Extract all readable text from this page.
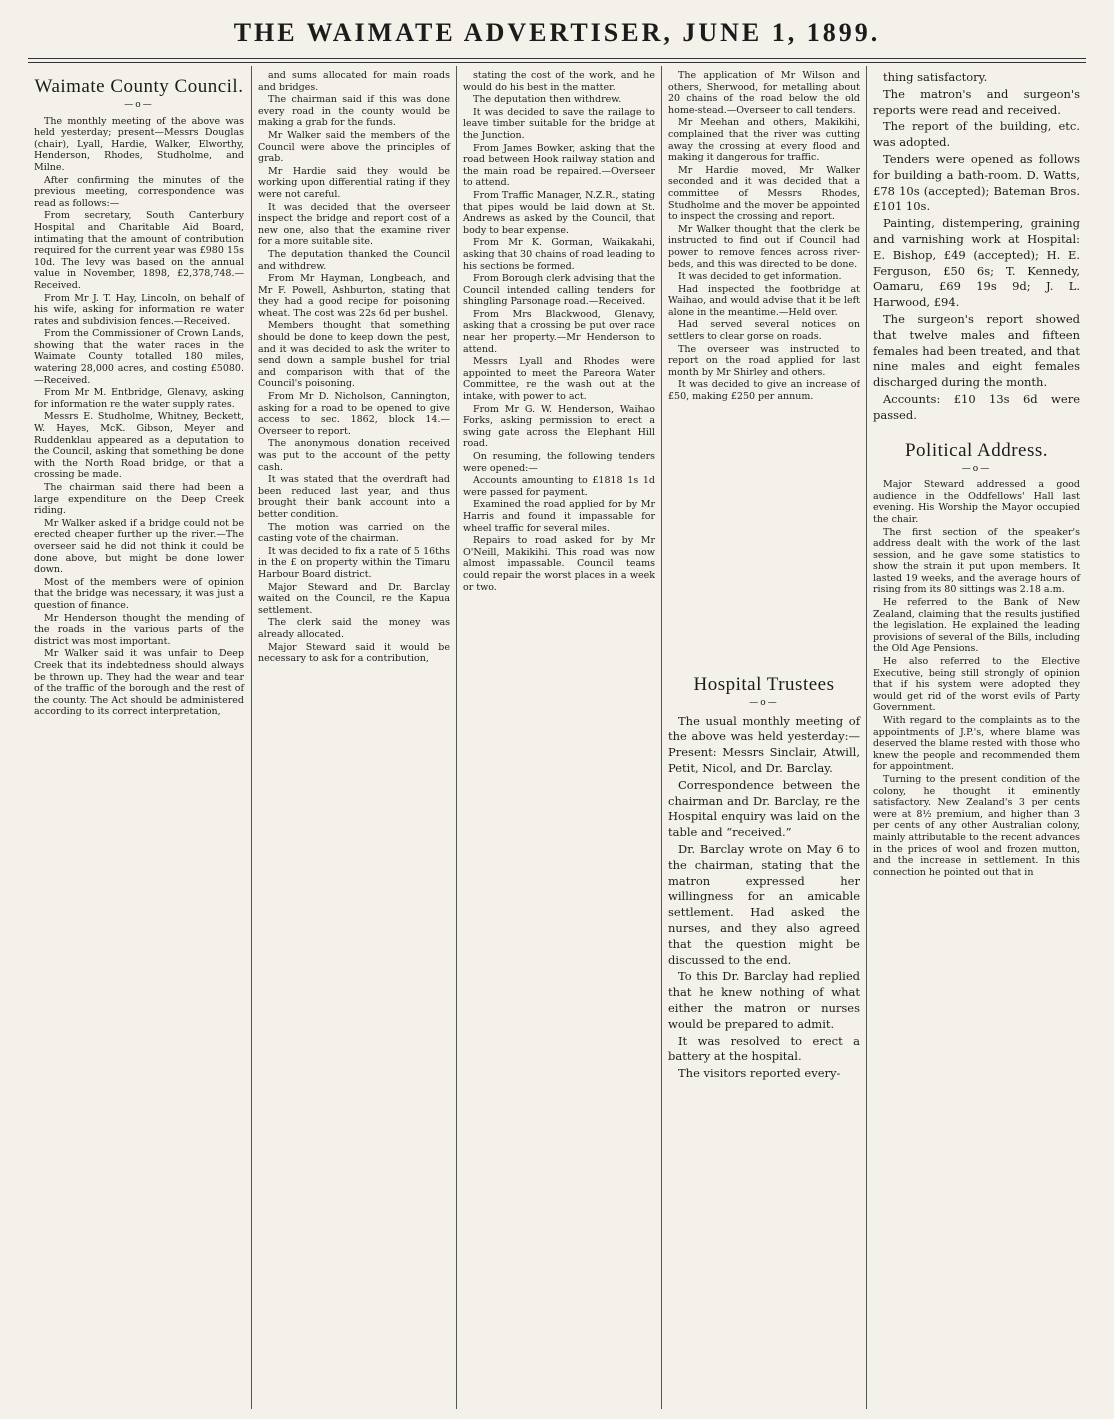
THE WAIMATE ADVERTISER, JUNE 1, 1899.
Waimate County Council.
—o—

The monthly meeting of the above was held yesterday; present—Messrs Douglas (chair), Lyall, Hardie, Walker, Elworthy, Henderson, Rhodes, Studholme, and Milne.

After confirming the minutes of the previous meeting, correspondence was read as follows:—

From secretary, South Canterbury Hospital and Charitable Aid Board, intimating that the amount of contribution required for the current year was £980 15s 10d. The levy was based on the annual value in November, 1898, £2,378,748.—Received.

From Mr J. T. Hay, Lincoln, on behalf of his wife, asking for information re water rates and subdivision fences.—Received.

From the Commissioner of Crown Lands, showing that the water races in the Waimate County totalled 180 miles, watering 28,000 acres, and costing £5080.—Received.

From Mr M. Entbridge, Glenavy, asking for information re the water supply rates.

Messrs E. Studholme, Whitney, Beckett, W. Hayes, McK. Gibson, Meyer and Ruddenklau appeared as a deputation to the Council, asking that something be done with the North Road bridge, or that a crossing be made.

The chairman said there had been a large expenditure on the Deep Creek riding.

Mr Walker asked if a bridge could not be erected cheaper further up the river.—The overseer said he did not think it could be done above, but might be done lower down.

Most of the members were of opinion that the bridge was necessary, it was just a question of finance.

Mr Henderson thought the mending of the roads in the various parts of the district was most important.

Mr Walker said it was unfair to Deep Creek that its indebtedness should always be thrown up. They had the wear and tear of the traffic of the borough and the rest of the county. The Act should be administered according to its correct interpretation,

and sums allocated for main roads and bridges.

The chairman said if this was done every road in the county would be making a grab for the funds.

Mr Walker said the members of the Council were above the principles of grab.

Mr Hardie said they would be working upon differential rating if they were not careful.

It was decided that the overseer inspect the bridge and report cost of a new one, also that the examine river for a more suitable site.

The deputation thanked the Council and withdrew.

From Mr Hayman, Longbeach, and Mr F. Powell, Ashburton, stating that they had a good recipe for poisoning wheat. The cost was 22s 6d per bushel.

Members thought that something should be done to keep down the pest, and it was decided to ask the writer to send down a sample bushel for trial and comparison with that of the Council's poisoning.

From Mr D. Nicholson, Cannington, asking for a road to be opened to give access to sec. 1862, block 14.—Overseer to report.

The anonymous donation received was put to the account of the petty cash.

It was stated that the overdraft had been reduced last year, and thus brought their bank account into a better condition.

The motion was carried on the casting vote of the chairman.

It was decided to fix a rate of 5 16ths in the £ on property within the Timaru Harbour Board district.

Major Steward and Dr. Barclay waited on the Council, re the Kapua settlement.

The clerk said the money was already allocated.

Major Steward said it would be necessary to ask for a contribution,

stating the cost of the work, and he would do his best in the matter.

The deputation then withdrew.

It was decided to save the railage to leave timber suitable for the bridge at the Junction.

From James Bowker, asking that the road between Hook railway station and the main road be repaired.—Overseer to attend.

From Traffic Manager, N.Z.R., stating that pipes would be laid down at St. Andrews as asked by the Council, that body to bear expense.

From Mr K. Gorman, Waikakahi, asking that 30 chains of road leading to his sections be formed.

From Borough clerk advising that the Council intended calling tenders for shingling Parsonage road.—Received.

From Mrs Blackwood, Glenavy, asking that a crossing be put over race near her property.—Mr Henderson to attend.

Messrs Lyall and Rhodes were appointed to meet the Pareora Water Committee, re the wash out at the intake, with power to act.

From Mr G. W. Henderson, Waihao Forks, asking permission to erect a swing gate across the Elephant Hill road.

On resuming, the following tenders were opened:—

Accounts amounting to £1818 1s 1d were passed for payment.

Examined the road applied for by Mr Harris and found it impassable for wheel traffic for several miles.

Repairs to road asked for by Mr O'Neill, Makikihi. This road was now almost impassable. Council teams could repair the worst places in a week or two.

The application of Mr Wilson and others, Sherwood, for metalling about 20 chains of the road below the old home-stead.—Overseer to call tenders.

Mr Meehan and others, Makikihi, complained that the river was cutting away the crossing at every flood and making it dangerous for traffic.

Mr Hardie moved, Mr Walker seconded and it was decided that a committee of Messrs Rhodes, Studholme and the mover be appointed to inspect the crossing and report.

Mr Walker thought that the clerk be instructed to find out if Council had power to remove fences across river-beds, and this was directed to be done.

It was decided to get information.

Had inspected the footbridge at Waihao, and would advise that it be left alone in the meantime.—Held over.

Had served several notices on settlers to clear gorse on roads.

The overseer was instructed to report on the road applied for last month by Mr Shirley and others.

It was decided to give an increase of £50, making £250 per annum.

Hospital Trustees
—o—

The usual monthly meeting of the above was held yesterday:—Present: Messrs Sinclair, Atwill, Petit, Nicol, and Dr. Barclay.

Correspondence between the chairman and Dr. Barclay, re the Hospital enquiry was laid on the table and “received.”

Dr. Barclay wrote on May 6 to the chairman, stating that the matron expressed her willingness for an amicable settlement. Had asked the nurses, and they also agreed that the question might be discussed to the end.

To this Dr. Barclay had replied that he knew nothing of what either the matron or nurses would be prepared to admit.

It was resolved to erect a battery at the hospital.

The visitors reported every-

thing satisfactory.

The matron's and surgeon's reports were read and received.

The report of the building, etc. was adopted.

Tenders were opened as follows for building a bath-room. D. Watts, £78 10s (accepted); Bateman Bros. £101 10s.

Painting, distempering, graining and varnishing work at Hospital: E. Bishop, £49 (accepted); H. E. Ferguson, £50 6s; T. Kennedy, Oamaru, £69 19s 9d; J. L. Harwood, £94.

The surgeon's report showed that twelve males and fifteen females had been treated, and that nine males and eight females discharged during the month.

Accounts: £10 13s 6d were passed.

Political Address.
—o—

Major Steward addressed a good audience in the Oddfellows' Hall last evening. His Worship the Mayor occupied the chair.

The first section of the speaker's address dealt with the work of the last session, and he gave some statistics to show the strain it put upon members. It lasted 19 weeks, and the average hours of rising from its 80 sittings was 2.18 a.m.

He referred to the Bank of New Zealand, claiming that the results justified the legislation. He explained the leading provisions of several of the Bills, including the Old Age Pensions.

He also referred to the Elective Executive, being still strongly of opinion that if his system were adopted they would get rid of the worst evils of Party Government.

With regard to the complaints as to the appointments of J.P.'s, where blame was deserved the blame rested with those who knew the people and recommended them for appointment.

Turning to the present condition of the colony, he thought it eminently satisfactory. New Zealand's 3 per cents were at 8½ premium, and higher than 3 per cents of any other Australian colony, mainly attributable to the recent advances in the prices of wool and frozen mutton, and the increase in settlement. In this connection he pointed out that in
